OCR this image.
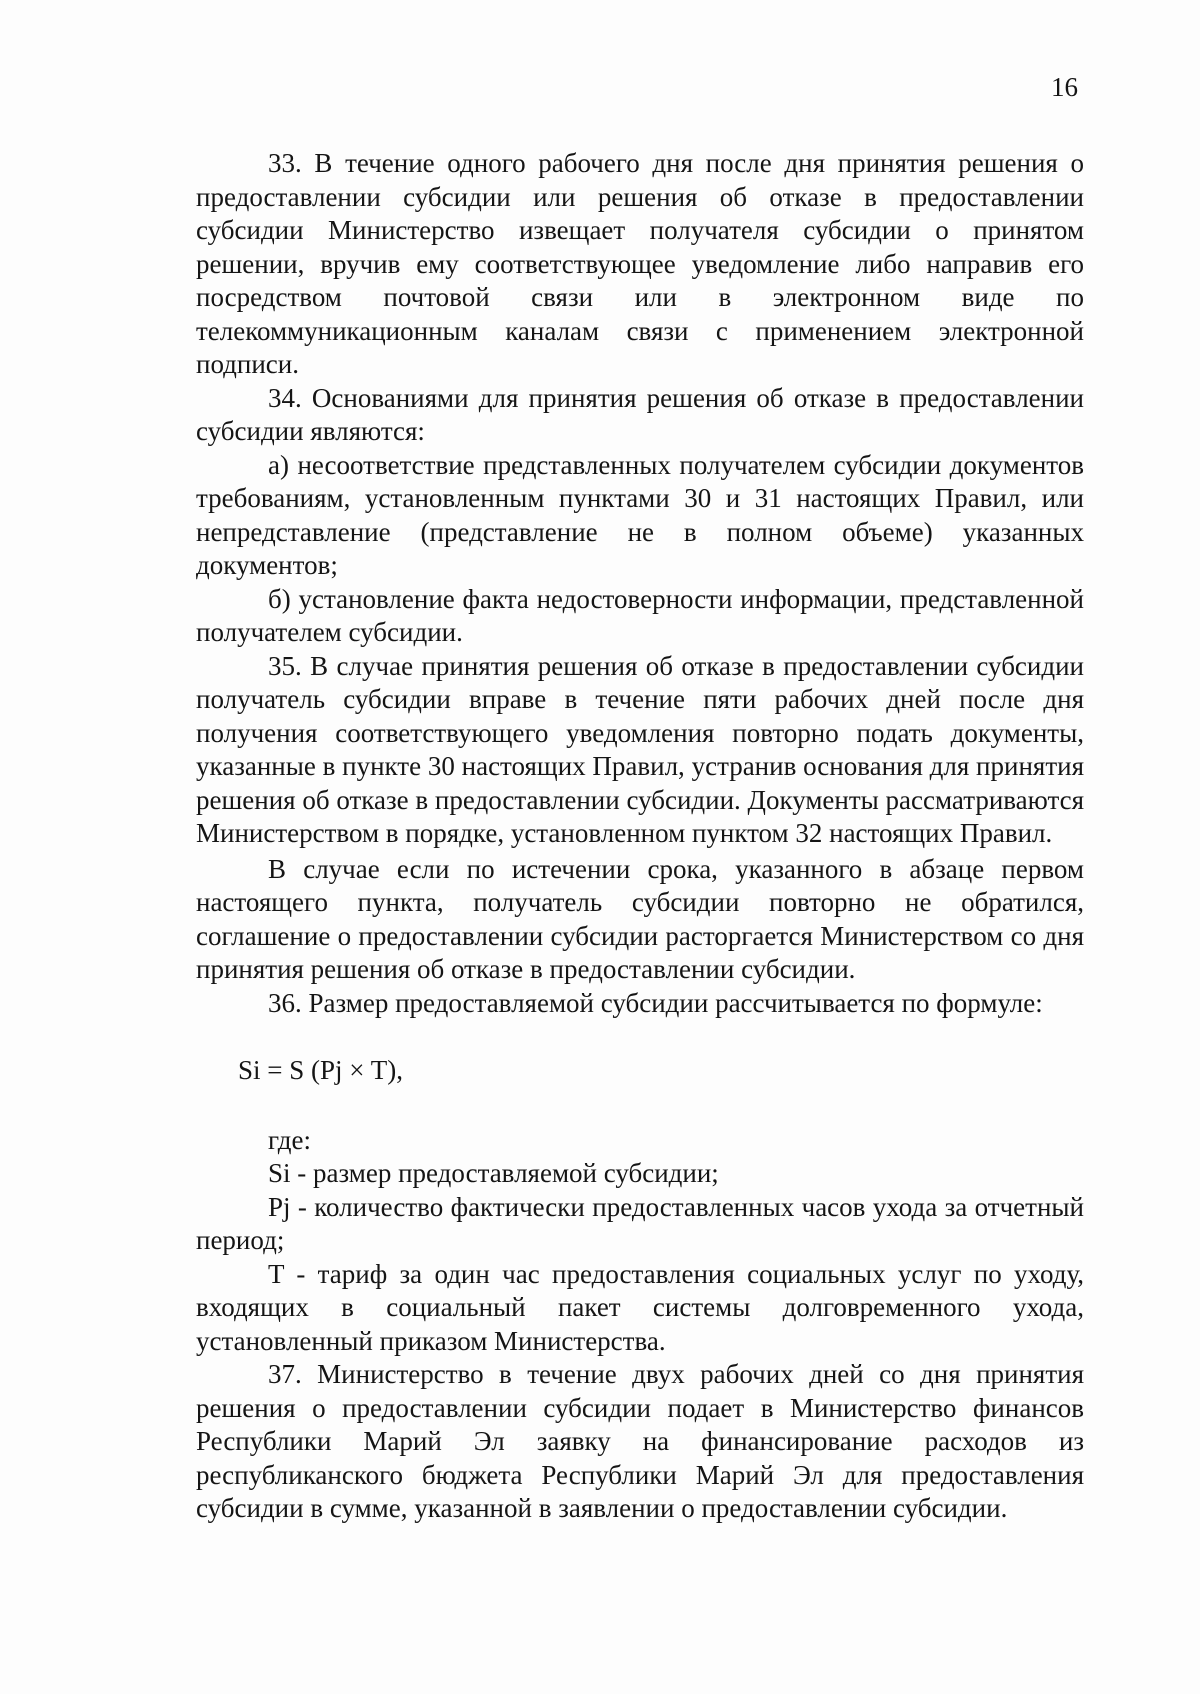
16

33. В течение одного рабочего дня после дня принятия решения о предоставлении субсидии или решения об отказе в предоставлении субсидии Министерство извещает получателя субсидии о принятом решении, вручив ему соответствующее уведомление либо направив его посредством почтовой связи или в электронном виде по телекоммуникационным каналам связи с применением электронной подписи.

34. Основаниями для принятия решения об отказе в предоставлении субсидии являются:

а) несоответствие представленных получателем субсидии документов требованиям, установленным пунктами 30 и 31 настоящих Правил, или непредставление (представление не в полном объеме) указанных документов;

б) установление факта недостоверности информации, представленной получателем субсидии.

35. В случае принятия решения об отказе в предоставлении субсидии получатель субсидии вправе в течение пяти рабочих дней после дня получения соответствующего уведомления повторно подать документы, указанные в пункте 30 настоящих Правил, устранив основания для принятия решения об отказе в предоставлении субсидии. Документы рассматриваются Министерством в порядке, установленном пунктом 32 настоящих Правил.

В случае если по истечении срока, указанного в абзаце первом настоящего пункта, получатель субсидии повторно не обратился, соглашение о предоставлении субсидии расторгается Министерством со дня принятия решения об отказе в предоставлении субсидии.

36. Размер предоставляемой субсидии рассчитывается по формуле:

Si = S (Pj × T),

где:

Si - размер предоставляемой субсидии;

Pj - количество фактически предоставленных часов ухода за отчетный период;

T - тариф за один час предоставления социальных услуг по уходу, входящих в социальный пакет системы долговременного ухода, установленный приказом Министерства.

37. Министерство в течение двух рабочих дней со дня принятия решения о предоставлении субсидии подает в Министерство финансов Республики Марий Эл заявку на финансирование расходов из республиканского бюджета Республики Марий Эл для предоставления субсидии в сумме, указанной в заявлении о предоставлении субсидии.
